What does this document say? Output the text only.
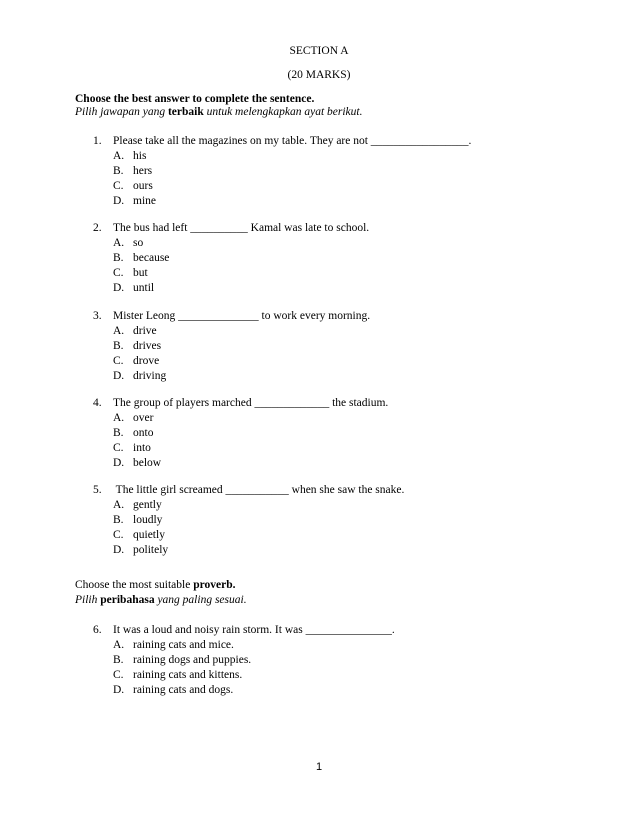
SECTION A
(20 MARKS)
Choose the best answer to complete the sentence.
Pilih jawapan yang terbaik untuk melengkapkan ayat berikut.
1. Please take all the magazines on my table. They are not _________________.
A. his
B. hers
C. ours
D. mine
2. The bus had left __________ Kamal was late to school.
A. so
B. because
C. but
D. until
3. Mister Leong ______________ to work every morning.
A. drive
B. drives
C. drove
D. driving
4. The group of players marched _____________ the stadium.
A. over
B. onto
C. into
D. below
5. The little girl screamed ___________ when she saw the snake.
A. gently
B. loudly
C. quietly
D. politely
Choose the most suitable proverb.
Pilih peribahasa yang paling sesuai.
6. It was a loud and noisy rain storm. It was _______________.
A. raining cats and mice.
B. raining dogs and puppies.
C. raining cats and kittens.
D. raining cats and dogs.
1
